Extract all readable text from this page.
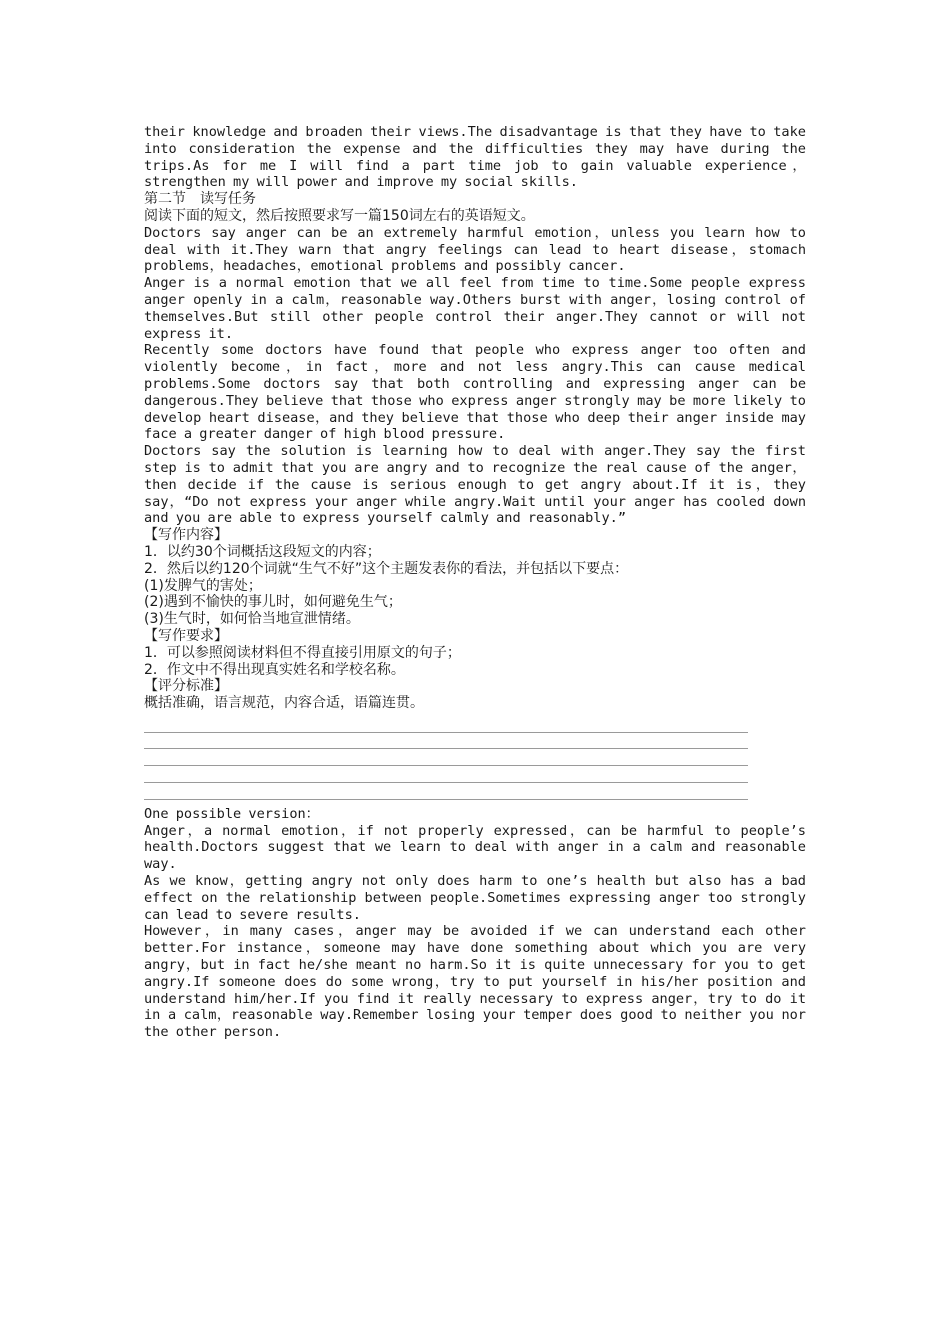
their knowledge and broaden their views.The disadvantage is that they have to take into consideration the expense and the difficulties they may have during the trips.As for me I will find a part time job to gain valuable experience，strengthen my will power and improve my social skills.

第二节　读写任务

阅读下面的短文，然后按照要求写一篇150词左右的英语短文。

Doctors say anger can be an extremely harmful emotion，unless you learn how to deal with it.They warn that angry feelings can lead to heart disease，stomach problems，headaches，emotional problems and possibly cancer.

Anger is a normal emotion that we all feel from time to time.Some people express anger openly in a calm，reasonable way.Others burst with anger，losing control of themselves.But still other people control their anger.They cannot or will not express it.

Recently some doctors have found that people who express anger too often and violently become，in fact，more and not less angry.This can cause medical problems.Some doctors say that both controlling and expressing anger can be dangerous.They believe that those who express anger strongly may be more likely to develop heart disease，and they believe that those who deep their anger inside may face a greater danger of high blood pressure.

Doctors say the solution is learning how to deal with anger.They say the first step is to admit that you are angry and to recognize the real cause of the anger，then decide if the cause is serious enough to get angry about.If it is，they say，“Do not express your anger while angry.Wait until your anger has cooled down and you are able to express yourself calmly and reasonably.”

【写作内容】

1．以约30个词概括这段短文的内容；

2．然后以约120个词就“生气不好”这个主题发表你的看法，并包括以下要点：

(1)发脾气的害处；

(2)遇到不愉快的事儿时，如何避免生气；

(3)生气时，如何恰当地宣泄情绪。

【写作要求】

1．可以参照阅读材料但不得直接引用原文的句子；

2．作文中不得出现真实姓名和学校名称。

【评分标准】

概括准确，语言规范，内容合适，语篇连贯。

One possible version：

Anger，a normal emotion，if not properly expressed，can be harmful to people’s health.Doctors suggest that we learn to deal with anger in a calm and reasonable way.

As we know，getting angry not only does harm to one’s health but also has a bad effect on the relationship between people.Sometimes expressing anger too strongly can lead to severe results.

However，in many cases，anger may be avoided if we can understand each other better.For instance，someone may have done something about which you are very angry，but in fact he/she meant no harm.So it is quite unnecessary for you to get angry.If someone does do some wrong，try to put yourself in his/her position and understand him/her.If you find it really necessary to express anger，try to do it in a calm，reasonable way.Remember losing your temper does good to neither you nor the other person.
